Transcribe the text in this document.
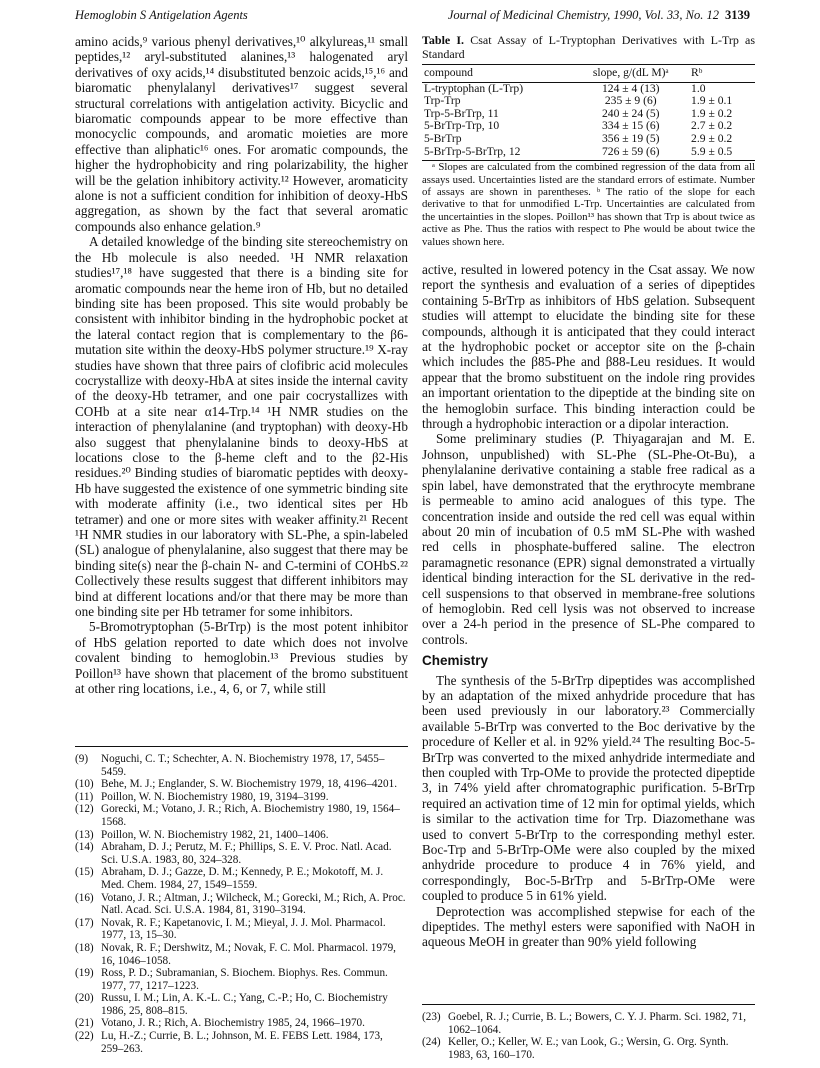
Hemoglobin S Antigelation Agents	Journal of Medicinal Chemistry, 1990, Vol. 33, No. 12 3139

amino acids,⁹ various phenyl derivatives,¹⁰ alkylureas,¹¹ small peptides,¹² aryl-substituted alanines,¹³ halogenated aryl derivatives of oxy acids,¹⁴ disubstituted benzoic acids,¹⁵,¹⁶ and biaromatic phenylalanyl derivatives¹⁷ suggest several structural correlations with antigelation activity. Bicyclic and biaromatic compounds appear to be more effective than monocyclic compounds, and aromatic moieties are more effective than aliphatic¹⁶ ones. For aromatic compounds, the higher the hydrophobicity and ring polarizability, the higher will be the gelation inhibitory activity.¹² However, aromaticity alone is not a sufficient condition for inhibition of deoxy-HbS aggregation, as shown by the fact that several aromatic compounds also enhance gelation.⁹

A detailed knowledge of the binding site stereochemistry on the Hb molecule is also needed. ¹H NMR relaxation studies¹⁷,¹⁸ have suggested that there is a binding site for aromatic compounds near the heme iron of Hb, but no detailed binding site has been proposed. This site would probably be consistent with inhibitor binding in the hydrophobic pocket at the lateral contact region that is complementary to the β6-mutation site within the deoxy-HbS polymer structure.¹⁹ X-ray studies have shown that three pairs of clofibric acid molecules cocrystallize with deoxy-HbA at sites inside the internal cavity of the deoxy-Hb tetramer, and one pair cocrystallizes with COHb at a site near α14-Trp.¹⁴ ¹H NMR studies on the interaction of phenylalanine (and tryptophan) with deoxy-Hb also suggest that phenylalanine binds to deoxy-HbS at locations close to the β-heme cleft and to the β2-His residues.²⁰ Binding studies of biaromatic peptides with deoxy-Hb have suggested the existence of one symmetric binding site with moderate affinity (i.e., two identical sites per Hb tetramer) and one or more sites with weaker affinity.²¹ Recent ¹H NMR studies in our laboratory with SL-Phe, a spin-labeled (SL) analogue of phenylalanine, also suggest that there may be binding site(s) near the β-chain N- and C-termini of COHbS.²² Collectively these results suggest that different inhibitors may bind at different locations and/or that there may be more than one binding site per Hb tetramer for some inhibitors.

5-Bromotryptophan (5-BrTrp) is the most potent inhibitor of HbS gelation reported to date which does not involve covalent binding to hemoglobin.¹³ Previous studies by Poillon¹³ have shown that placement of the bromo substituent at other ring locations, i.e., 4, 6, or 7, while still

Table I. Csat Assay of L-Tryptophan Derivatives with L-Trp as Standard
compound	slope, g/(dL M)ᵃ	Rᵇ
L-tryptophan (L-Trp)	124 ± 4 (13)	1.0
Trp-Trp	235 ± 9 (6)	1.9 ± 0.1
Trp-5-BrTrp, 11	240 ± 24 (5)	1.9 ± 0.2
5-BrTrp-Trp, 10	334 ± 15 (6)	2.7 ± 0.2
5-BrTrp	356 ± 19 (5)	2.9 ± 0.2
5-BrTrp-5-BrTrp, 12	726 ± 59 (6)	5.9 ± 0.5

ᵃ Slopes are calculated from the combined regression of the data from all assays used. Uncertainties listed are the standard errors of estimate. Number of assays are shown in parentheses. ᵇ The ratio of the slope for each derivative to that for unmodified L-Trp. Uncertainties are calculated from the uncertainties in the slopes. Poillon¹³ has shown that Trp is about twice as active as Phe. Thus the ratios with respect to Phe would be about twice the values shown here.

active, resulted in lowered potency in the Csat assay. We now report the synthesis and evaluation of a series of dipeptides containing 5-BrTrp as inhibitors of HbS gelation. Subsequent studies will attempt to elucidate the binding site for these compounds, although it is anticipated that they could interact at the hydrophobic pocket or acceptor site on the β-chain which includes the β85-Phe and β88-Leu residues. It would appear that the bromo substituent on the indole ring provides an important orientation to the dipeptide at the binding site on the hemoglobin surface. This binding interaction could be through a hydrophobic interaction or a dipolar interaction.

Some preliminary studies (P. Thiyagarajan and M. E. Johnson, unpublished) with SL-Phe (SL-Phe-Ot-Bu), a phenylalanine derivative containing a stable free radical as a spin label, have demonstrated that the erythrocyte membrane is permeable to amino acid analogues of this type. The concentration inside and outside the red cell was equal within about 20 min of incubation of 0.5 mM SL-Phe with washed red cells in phosphate-buffered saline. The electron paramagnetic resonance (EPR) signal demonstrated a virtually identical binding interaction for the SL derivative in the red-cell suspensions to that observed in membrane-free solutions of hemoglobin. Red cell lysis was not observed to increase over a 24-h period in the presence of SL-Phe compared to controls.

Chemistry

The synthesis of the 5-BrTrp dipeptides was accomplished by an adaptation of the mixed anhydride procedure that has been used previously in our laboratory.²³ Commercially available 5-BrTrp was converted to the Boc derivative by the procedure of Keller et al. in 92% yield.²⁴ The resulting Boc-5-BrTrp was converted to the mixed anhydride intermediate and then coupled with Trp-OMe to provide the protected dipeptide 3, in 74% yield after chromatographic purification. 5-BrTrp required an activation time of 12 min for optimal yields, which is similar to the activation time for Trp. Diazomethane was used to convert 5-BrTrp to the corresponding methyl ester. Boc-Trp and 5-BrTrp-OMe were also coupled by the mixed anhydride procedure to produce 4 in 76% yield, and correspondingly, Boc-5-BrTrp and 5-BrTrp-OMe were coupled to produce 5 in 61% yield.

Deprotection was accomplished stepwise for each of the dipeptides. The methyl esters were saponified with NaOH in aqueous MeOH in greater than 90% yield following

(9)	Noguchi, C. T.; Schechter, A. N. Biochemistry 1978, 17, 5455–5459.
(10) Behe, M. J.; Englander, S. W. Biochemistry 1979, 18, 4196–4201.
(11) Poillon, W. N. Biochemistry 1980, 19, 3194–3199.
(12) Gorecki, M.; Votano, J. R.; Rich, A. Biochemistry 1980, 19, 1564–1568.
(13) Poillon, W. N. Biochemistry 1982, 21, 1400–1406.
(14) Abraham, D. J.; Perutz, M. F.; Phillips, S. E. V. Proc. Natl. Acad. Sci. U.S.A. 1983, 80, 324–328.
(15) Abraham, D. J.; Gazze, D. M.; Kennedy, P. E.; Mokotoff, M. J. Med. Chem. 1984, 27, 1549–1559.
(16) Votano, J. R.; Altman, J.; Wilcheck, M.; Gorecki, M.; Rich, A. Proc. Natl. Acad. Sci. U.S.A. 1984, 81, 3190–3194.
(17) Novak, R. F.; Kapetanovic, I. M.; Mieyal, J. J. Mol. Pharmacol. 1977, 13, 15–30.
(18) Novak, R. F.; Dershwitz, M.; Novak, F. C. Mol. Pharmacol. 1979, 16, 1046–1058.
(19) Ross, P. D.; Subramanian, S. Biochem. Biophys. Res. Commun. 1977, 77, 1217–1223.
(20) Russu, I. M.; Lin, A. K.-L. C.; Yang, C.-P.; Ho, C. Biochemistry 1986, 25, 808–815.
(21) Votano, J. R.; Rich, A. Biochemistry 1985, 24, 1966–1970.
(22) Lu, H.-Z.; Currie, B. L.; Johnson, M. E. FEBS Lett. 1984, 173, 259–263.
(23) Goebel, R. J.; Currie, B. L.; Bowers, C. Y. J. Pharm. Sci. 1982, 71, 1062–1064.
(24) Keller, O.; Keller, W. E.; van Look, G.; Wersin, G. Org. Synth. 1983, 63, 160–170.
